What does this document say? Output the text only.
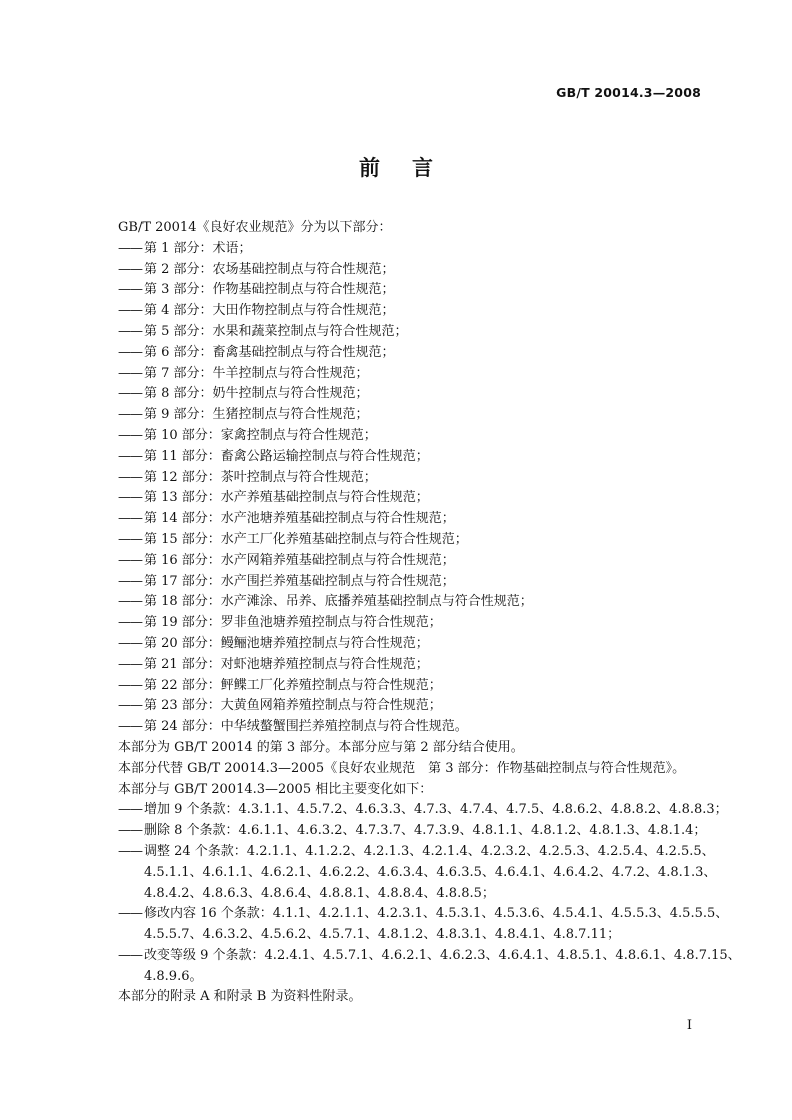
GB/T 20014.3—2008
前言
GB/T 20014《良好农业规范》分为以下部分：
—— 第 1 部分：术语；
—— 第 2 部分：农场基础控制点与符合性规范；
—— 第 3 部分：作物基础控制点与符合性规范；
—— 第 4 部分：大田作物控制点与符合性规范；
—— 第 5 部分：水果和蔬菜控制点与符合性规范；
—— 第 6 部分：畜禽基础控制点与符合性规范；
—— 第 7 部分：牛羊控制点与符合性规范；
—— 第 8 部分：奶牛控制点与符合性规范；
—— 第 9 部分：生猪控制点与符合性规范；
—— 第 10 部分：家禽控制点与符合性规范；
—— 第 11 部分：畜禽公路运输控制点与符合性规范；
—— 第 12 部分：茶叶控制点与符合性规范；
—— 第 13 部分：水产养殖基础控制点与符合性规范；
—— 第 14 部分：水产池塘养殖基础控制点与符合性规范；
—— 第 15 部分：水产工厂化养殖基础控制点与符合性规范；
—— 第 16 部分：水产网箱养殖基础控制点与符合性规范；
—— 第 17 部分：水产围拦养殖基础控制点与符合性规范；
—— 第 18 部分：水产滩涂、吊养、底播养殖基础控制点与符合性规范；
—— 第 19 部分：罗非鱼池塘养殖控制点与符合性规范；
—— 第 20 部分：鳗鲡池塘养殖控制点与符合性规范；
—— 第 21 部分：对虾池塘养殖控制点与符合性规范；
—— 第 22 部分：鲆鲽工厂化养殖控制点与符合性规范；
—— 第 23 部分：大黄鱼网箱养殖控制点与符合性规范；
—— 第 24 部分：中华绒螯蟹围拦养殖控制点与符合性规范。
本部分为 GB/T 20014 的第 3 部分。本部分应与第 2 部分结合使用。
本部分代替 GB/T 20014.3—2005《良好农业规范　第 3 部分：作物基础控制点与符合性规范》。
本部分与 GB/T 20014.3—2005 相比主要变化如下：
—— 增加 9 个条款：4.3.1.1、4.5.7.2、4.6.3.3、4.7.3、4.7.4、4.7.5、4.8.6.2、4.8.8.2、4.8.8.3；
—— 删除 8 个条款：4.6.1.1、4.6.3.2、4.7.3.7、4.7.3.9、4.8.1.1、4.8.1.2、4.8.1.3、4.8.1.4；
—— 调整 24 个条款：4.2.1.1、4.1.2.2、4.2.1.3、4.2.1.4、4.2.3.2、4.2.5.3、4.2.5.4、4.2.5.5、
4.5.1.1、4.6.1.1、4.6.2.1、4.6.2.2、4.6.3.4、4.6.3.5、4.6.4.1、4.6.4.2、4.7.2、4.8.1.3、
4.8.4.2、4.8.6.3、4.8.6.4、4.8.8.1、4.8.8.4、4.8.8.5；
—— 修改内容 16 个条款：4.1.1、4.2.1.1、4.2.3.1、4.5.3.1、4.5.3.6、4.5.4.1、4.5.5.3、4.5.5.5、
4.5.5.7、4.6.3.2、4.5.6.2、4.5.7.1、4.8.1.2、4.8.3.1、4.8.4.1、4.8.7.11；
—— 改变等级 9 个条款：4.2.4.1、4.5.7.1、4.6.2.1、4.6.2.3、4.6.4.1、4.8.5.1、4.8.6.1、4.8.7.15、
4.8.9.6。
本部分的附录 A 和附录 B 为资料性附录。
I
